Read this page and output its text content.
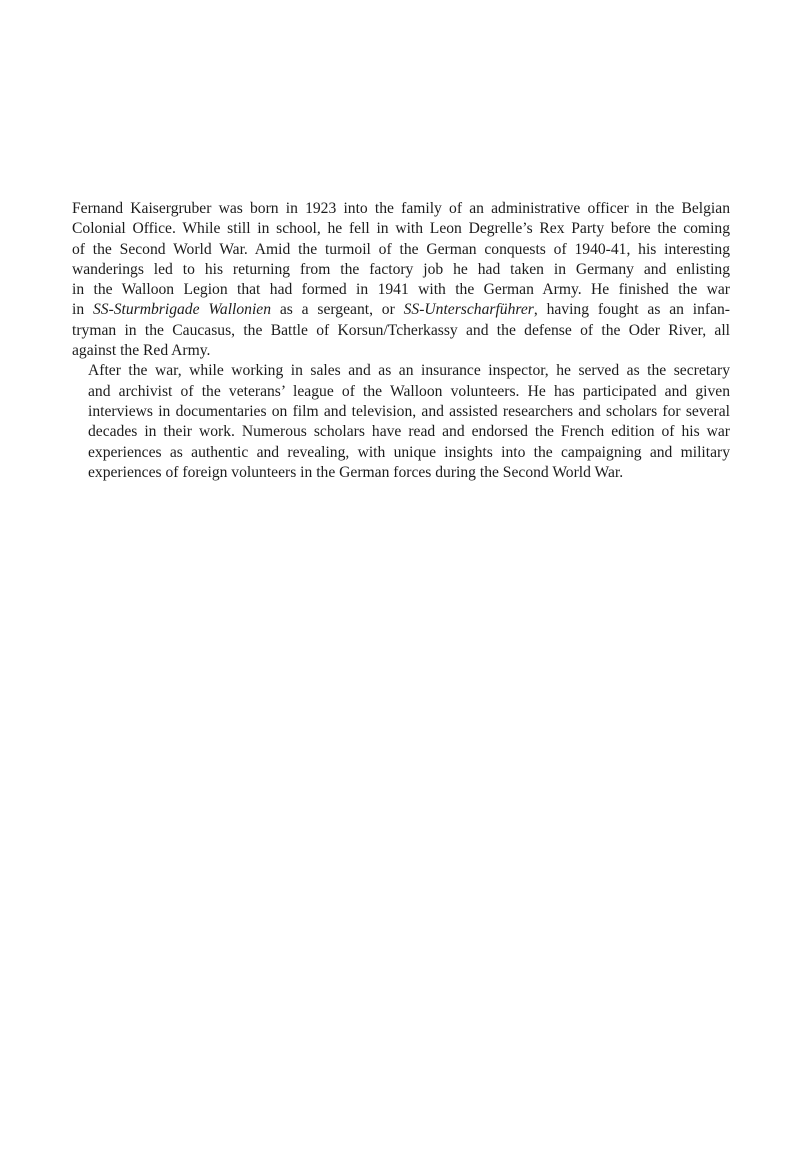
Fernand Kaisergruber was born in 1923 into the family of an administrative officer in the Belgian
Colonial Office. While still in school, he fell in with Leon Degrelle’s Rex Party before the coming
of the Second World War. Amid the turmoil of the German conquests of 1940-41, his interesting
wanderings led to his returning from the factory job he had taken in Germany and enlisting
in the Walloon Legion that had formed in 1941 with the German Army. He finished the war
in SS-Sturmbrigade Wallonien as a sergeant, or SS-Unterscharführer, having fought as an infan-
tryman in the Caucasus, the Battle of Korsun/Tcherkassy and the defense of the Oder River, all
against the Red Army.

After the war, while working in sales and as an insurance inspector, he served as the secretary
and archivist of the veterans’ league of the Walloon volunteers. He has participated and given
interviews in documentaries on film and television, and assisted researchers and scholars for several
decades in their work. Numerous scholars have read and endorsed the French edition of his war
experiences as authentic and revealing, with unique insights into the campaigning and military
experiences of foreign volunteers in the German forces during the Second World War.
